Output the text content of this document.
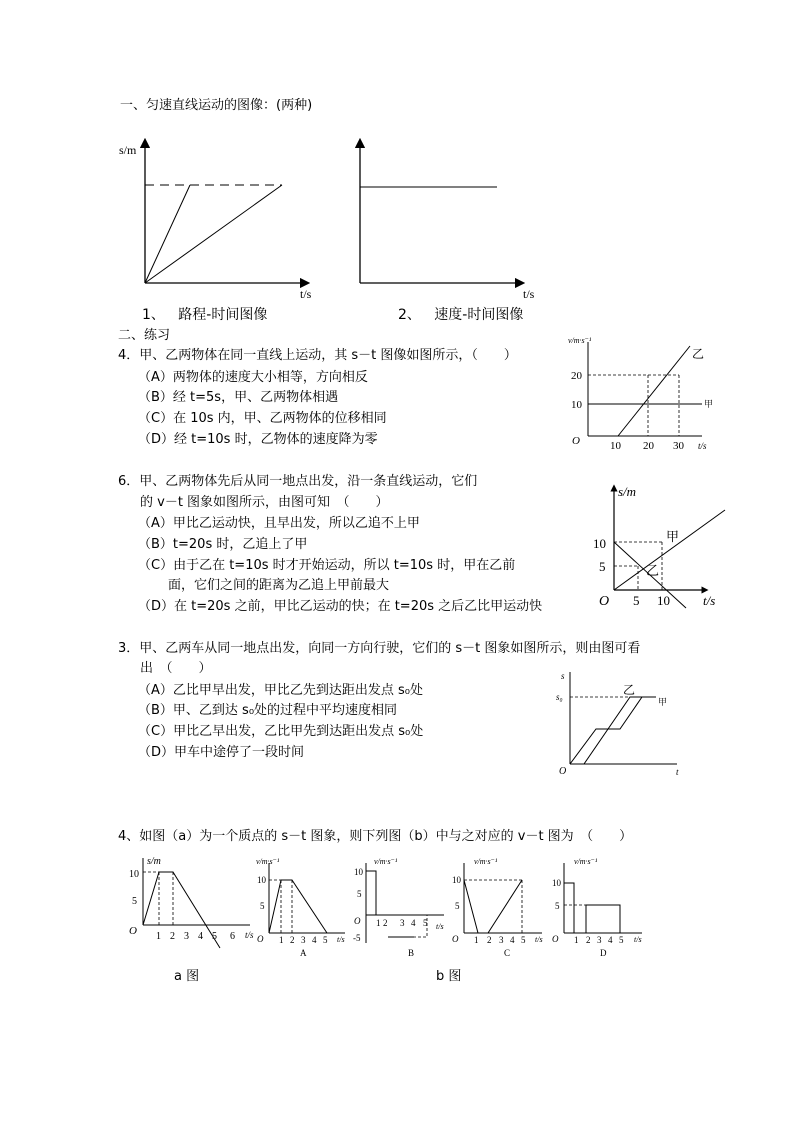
一、匀速直线运动的图像：(两种)
s/m
t/s
1、 路程-时间图像
t/s
2、 速度-时间图像
二、练习
4．甲、乙两物体在同一直线上运动，其 s－t 图像如图所示，（　　）
（A）两物体的速度大小相等，方向相反
（B）经 t=5s，甲、乙两物体相遇
（C）在 10s 内，甲、乙两物体的位移相同
（D）经 t=10s 时，乙物体的速度降为零
v/m·s⁻¹
O
20
10
10 20 30 t/s
乙
甲
6．甲、乙两物体先后从同一地点出发，沿一条直线运动，它们
的 v－t 图象如图所示，由图可知　（　　）
（A）甲比乙运动快，且早出发，所以乙追不上甲
（B）t=20s 时，乙追上了甲
（C）由于乙在 t=10s 时才开始运动，所以 t=10s 时，甲在乙前
面，它们之间的距离为乙追上甲前最大
（D）在 t=20s 之前，甲比乙运动的快；在 t=20s 之后乙比甲运动快
s/m
O
10
5
5 10	t/s
甲
乙
3．甲、乙两车从同一地点出发，向同一方向行驶，它们的 s－t 图象如图所示，则由图可看
出　（　　）
（A）乙比甲早出发，甲比乙先到达距出发点 s₀处
（B）甲、乙到达 s₀处的过程中平均速度相同
（C）甲比乙早出发，乙比甲先到达距出发点 s₀处
（D）甲车中途停了一段时间
s
s₀
O	t
乙
甲
4、如图（a）为一个质点的 s－t 图象，则下列图（b）中与之对应的 v－t 图为　（　　）
s/m
O
10
5
1 2 3 4 5 6 t/s
a 图
v/m·s⁻¹
O
10
5
1 2 3 4 5 t/s
A
v/m·s⁻¹
O
10
5
-5
1 2 3 4 5 t/s
B
v/m·s⁻¹
O
10
5
1 2 3 4 5 t/s
C
v/m·s⁻¹
O
10
5
1 2 3 4 5 t/s
D
b 图
